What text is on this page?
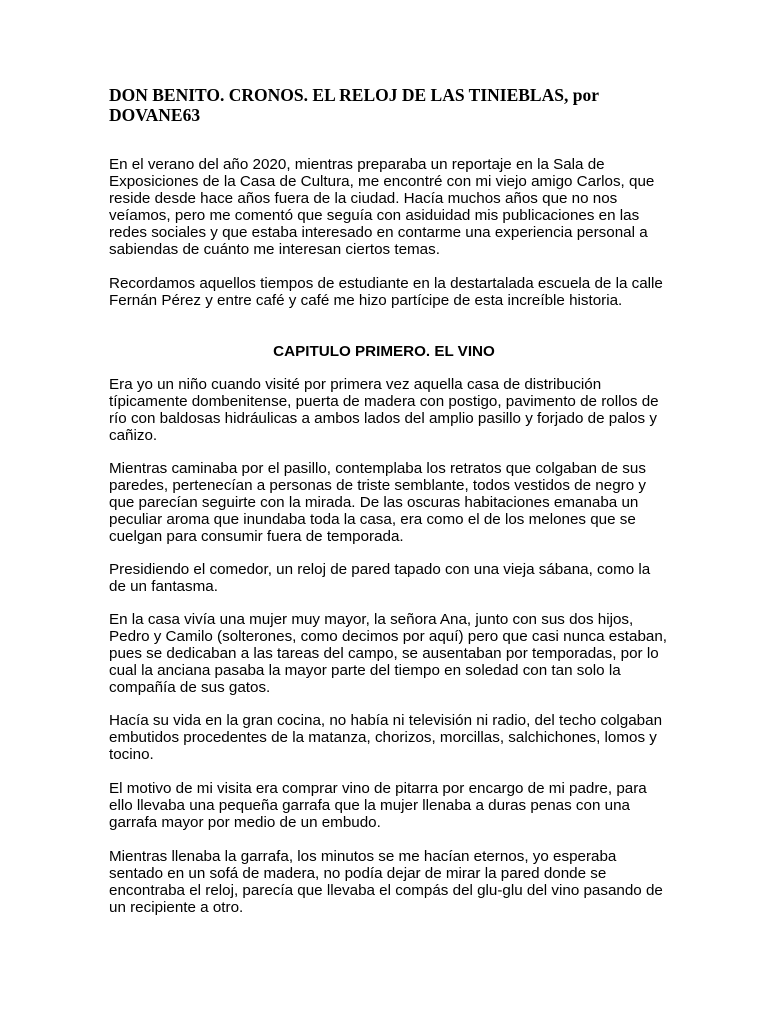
DON BENITO. CRONOS. EL RELOJ DE LAS TINIEBLAS, por DOVANE63

En el verano del año 2020, mientras preparaba un reportaje en la Sala de Exposiciones de la Casa de Cultura, me encontré con mi viejo amigo Carlos, que reside desde hace años fuera de la ciudad. Hacía muchos años que no nos veíamos, pero me comentó que seguía con asiduidad mis publicaciones en las redes sociales y que estaba interesado en contarme una experiencia personal a sabiendas de cuánto me interesan ciertos temas.

Recordamos aquellos tiempos de estudiante en la destartalada escuela de la calle Fernán Pérez y entre café y café me hizo partícipe de esta increíble historia.

CAPITULO PRIMERO. EL VINO

Era yo un niño cuando visité por primera vez aquella casa de distribución típicamente dombenitense, puerta de madera con postigo, pavimento de rollos de río con baldosas hidráulicas a ambos lados del amplio pasillo y forjado de palos y cañizo.

Mientras caminaba por el pasillo, contemplaba los retratos que colgaban de sus paredes, pertenecían a personas de triste semblante, todos vestidos de negro y que parecían seguirte con la mirada. De las oscuras habitaciones emanaba un peculiar aroma que inundaba toda la casa, era como el de los melones que se cuelgan para consumir fuera de temporada.

Presidiendo el comedor, un reloj de pared tapado con una vieja sábana, como la de un fantasma.

En la casa vivía una mujer muy mayor, la señora Ana, junto con sus dos hijos, Pedro y Camilo (solterones, como decimos por aquí) pero que casi nunca estaban, pues se dedicaban a las tareas del campo, se ausentaban por temporadas, por lo cual la anciana pasaba la mayor parte del tiempo en soledad con tan solo la compañía de sus gatos.

Hacía su vida en la gran cocina, no había ni televisión ni radio, del techo colgaban embutidos procedentes de la matanza, chorizos, morcillas, salchichones, lomos y tocino.

El motivo de mi visita era comprar vino de pitarra por encargo de mi padre, para ello llevaba una pequeña garrafa que la mujer llenaba a duras penas con una garrafa mayor por medio de un embudo.

Mientras llenaba la garrafa, los minutos se me hacían eternos, yo esperaba sentado en un sofá de madera, no podía dejar de mirar la pared donde se encontraba el reloj, parecía que llevaba el compás del glu-glu del vino pasando de un recipiente a otro.
